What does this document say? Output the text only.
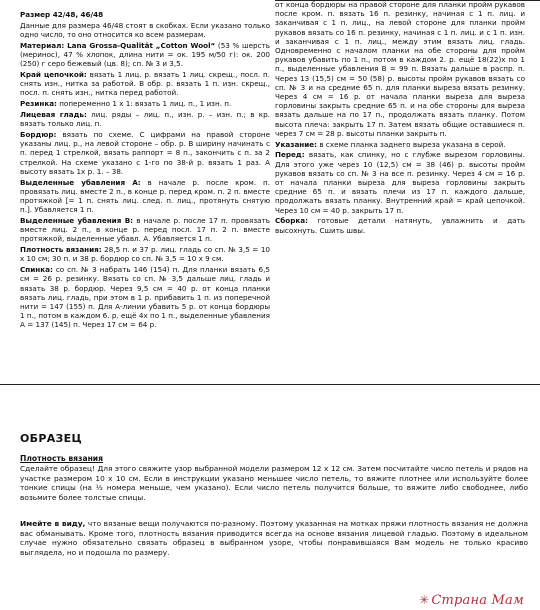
Размер 42/48, 46/48

Данные для размера 46/48 стоят в скобках. Если указано только одно число, то оно относится ко всем размерам.

Материал: Lana Grossa-Qualität „Cotton Wool“ (53 % шерсть (меринос), 47 % хлопок, длина нити = ок. 195 м/50 г): ок. 200 (250) г серо бежевый (цв. 8); сп. № 3 и 3,5.

Край цепочкой: вязать 1 лиц. р. вязать 1 лиц. скрещ., посл. п. снять изн., нитка за работой. В обр. р. вязать 1 п. изн. скрещ., посл. п. снять изн., нитка перед работой.

Резинка: попеременно 1 х 1: вязать 1 лиц. п., 1 изн. п.

Лицевая гладь: лиц. ряды – лиц. п., изн. р. – изн. п.; в кр. вязать только лиц. п.

Бордюр: вязать по схеме. С цифрами на правой стороне указаны лиц. р., на левой стороне – обр. р. В ширину начинать с п. перед 1 стрелкой, вязать раппорт = 8 п., закончить с п. за 2 стрелкой. На схеме указано с 1-го по 38-й р. вязать 1 раз. А высоту вязать 1х р. 1. – 38.

Выделенные убавления А: в начале р. после кром. п. провязать лиц. вместе 2 п., в конце р. перед кром. п. 2 п. вместе протяжкой [= 1 п. снять лиц. след. п. лиц., протянуть снятую п.]. Убавляется 1 п.

Выделенные убавления В: в начале р. после 17 п. провязать вместе лиц. 2 п., в конце р. перед посл. 17 п. 2 п. вместе протяжкой, выделенные убавл. А. Убавляется 1 п.

Плотность вязания: 28,5 п. и 37 р. лиц. гладь со сп. № 3,5 = 10 х 10 см; 30 п. и 38 р. бордюр со сп. № 3,5 = 10 х 9 см.

Спинка: со сп. № 3 набрать 146 (154) п. Для планки вязать 6,5 см = 26 р. резинку. Вязать со сп. № 3,5 дальше лиц. гладь и вязать 38 р. бордюр. Через 9,5 см = 40 р. от конца планки вязать лиц. гладь, при этом в 1 р. прибавить 1 п. из поперечной нити = 147 (155) п. Для А-линии убавить 5 р. от конца бордюры 1 п., потом в каждом 6. р. ещё 4х по 1 п., выделенные убавления А = 137 (145) п. Через 17 см = 64 р.

от конца бордюры на правой стороне для планки пройм рукавов после кром. п. вязать 16 п. резинку, начиная с 1 п. лиц. и заканчивая с 1 п. лиц., на левой стороне для планки пройм рукавов вязать со 16 п. резинку, начиная с 1 п. лиц. и с 1 п. изн. и заканчивая с 1 п. лиц., между этим вязать лиц. гладь. Одновременно с началом планки на обе стороны для пройм рукавов убавить по 1 п., потом в каждом 2. р. ещё 18(22)х по 1 п., выделенные убавления В = 99 п. Вязать дальше в распр. п. Через 13 (15,5) см = 50 (58) р. высоты пройм рукавов вязать со сп. № 3 и на средние 65 п. для планки выреза вязать резинку. Через 4 см = 16 р. от начала планки выреза для выреза горловины закрыть средние 65 п. и на обе стороны для выреза вязать дальше на по 17 п., продолжать вязать планку. Потом высота плеча: закрыть 17 п. Затем вязать общие оставшиеся п. через 7 см = 28 р. высоты планки закрыть п.

Указание: в схеме планка заднего выреза указана в серой.

Перед: вязать, как спинку, но с глубже вырезом горловины. Для этого уже через 10 (12,5) см = 38 (46) р. высоты пройм рукавов вязать со сп. № 3 на все п. резинку. Через 4 см = 16 р. от начала планки выреза для выреза горловины закрыть средние 65 п. и вязать плечи из 17 п. каждого дальше, продолжать вязать планку. Внутренний край = край цепочкой. Через 10 см = 40 р. закрыть 17 п.

Сборка: готовые детали натянуть, увлажнить и дать высохнуть. Сшить швы.

ОБРАЗЕЦ
Плотность вязания

Сделайте образец! Для этого свяжите узор выбранной модели размером 12 х 12 см. Затем посчитайте число петель и рядов на участке размером 10 х 10 см. Если в инструкции указано меньшее число петель, то вяжите плотнее или используйте более тонкие спицы (на ½ номера меньше, чем указано). Если число петель получится больше, то вяжите либо свободнее, либо возьмите более толстые спицы.

Имейте в виду, что вязаные вещи получаются по-разному. Поэтому указанная на мотках пряжи плотность вязания не должна вас обманывать. Кроме того, плотность вязания приводится всегда на основе вязания лицевой гладью. Поэтому в идеальном случае нужно обязательно связать образец в выбранном узоре, чтобы понравившаяся Вам модель не только красиво выглядела, но и подошла по размеру.

✳ Страна Мам
